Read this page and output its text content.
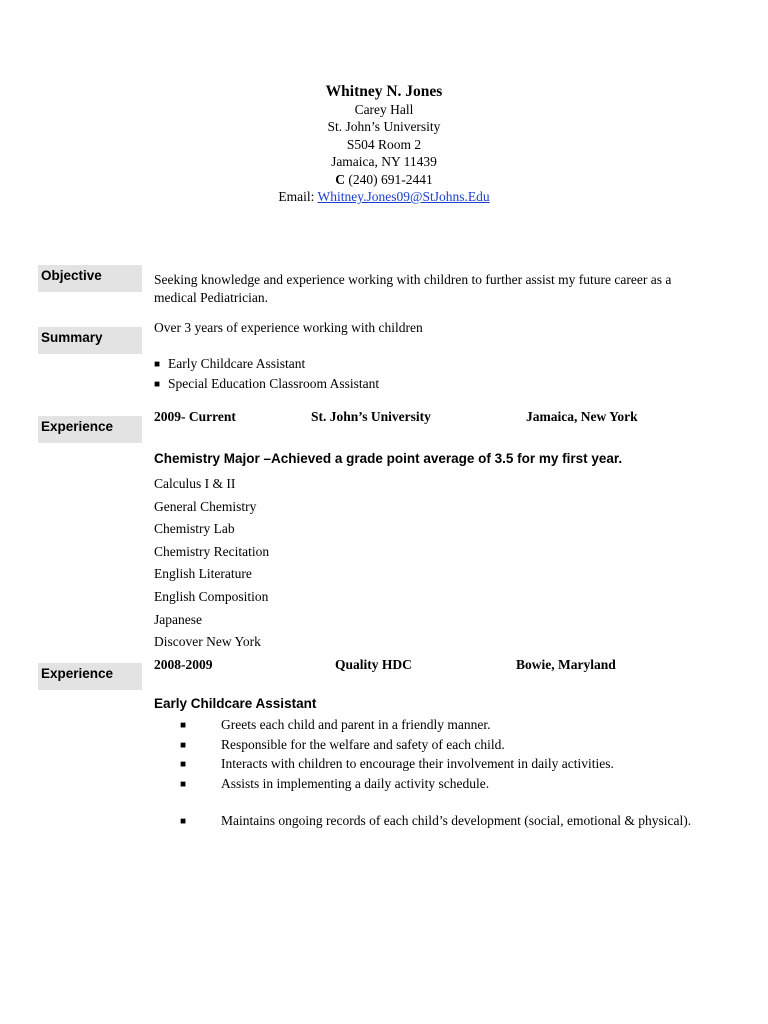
Whitney N. Jones
Carey Hall
St. John’s University
S504 Room 2
Jamaica, NY 11439
C (240) 691-2441
Email: Whitney.Jones09@StJohns.Edu
Objective	Seeking knowledge and experience working with children to further assist my future career as a medical Pediatrician.
Summary
Over 3 years of experience working with children
■ Early Childcare Assistant
■ Special Education Classroom Assistant
Experience
2009- Current	St. John’s University	Jamaica, New York
Chemistry Major –Achieved a grade point average of 3.5 for my first year.
Calculus I & II
General Chemistry
Chemistry Lab
Chemistry Recitation
English Literature
English Composition
Japanese
Discover New York
Experience
2008-2009	Quality HDC	Bowie, Maryland
Early Childcare Assistant
■	Greets each child and parent in a friendly manner.
■	Responsible for the welfare and safety of each child.
■	Interacts with children to encourage their involvement in daily activities.
■	Assists in implementing a daily activity schedule.
■	Maintains ongoing records of each child’s development (social, emotional & physical).
